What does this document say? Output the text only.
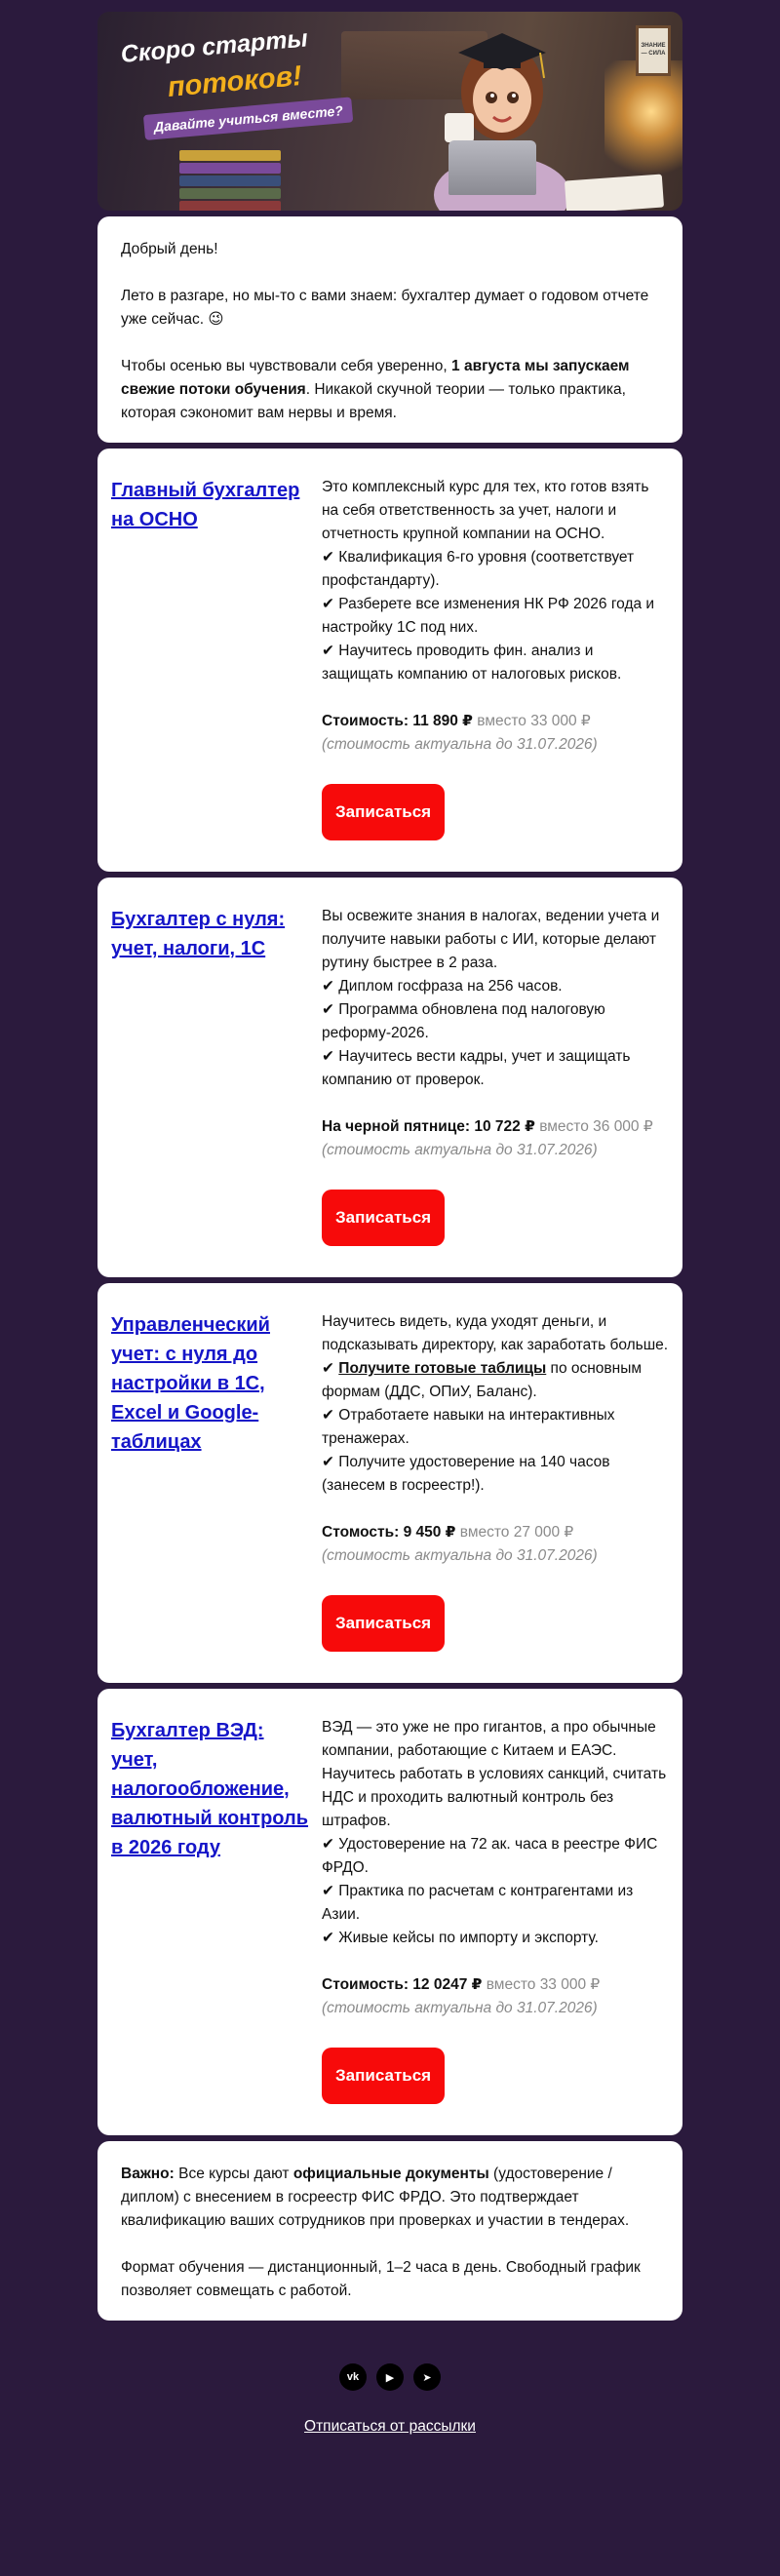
ЗНАНИЕ — СИЛА
Скоро старты
потоков!
Давайте учиться вместе?

Добрый день!

Лето в разгаре, но мы-то с вами знаем: бухгалтер думает о годовом отчете уже сейчас. 😉

Чтобы осенью вы чувствовали себя уверенно, 1 августа мы запускаем свежие потоки обучения. Никакой скучной теории — только практика, которая сэкономит вам нервы и время.

Главный бухгалтер на ОСНО
Это комплексный курс для тех, кто готов взять на себя ответственность за учет, налоги и отчетность крупной компании на ОСНО.
✔ Квалификация 6-го уровня (соответствует профстандарту).
✔ Разберете все изменения НК РФ 2026 года и настройку 1С под них.
✔ Научитесь проводить фин. анализ и защищать компанию от налоговых рисков.
Стоимость: 11 890 ₽ вместо 33 000 ₽
(стоимость актуальна до 31.07.2026)
Записаться
Бухгалтер с нуля: учет, налоги, 1С
Вы освежите знания в налогах, ведении учета и получите навыки работы с ИИ, которые делают рутину быстрее в 2 раза.
✔ Диплом госфраза на 256 часов.
✔ Программа обновлена под налоговую реформу-2026.
✔ Научитесь вести кадры, учет и защищать компанию от проверок.
На черной пятнице: 10 722 ₽ вместо 36 000 ₽
(стоимость актуальна до 31.07.2026)
Записаться
Управленческий учет: с нуля до настройки в 1С, Excel и Google-таблицах
Научитесь видеть, куда уходят деньги, и подсказывать директору, как заработать больше.
✔ Получите готовые таблицы по основным формам (ДДС, ОПиУ, Баланс).
✔ Отработаете навыки на интерактивных тренажерах.
✔ Получите удостоверение на 140 часов (занесем в госреестр!).
Стомость: 9 450 ₽ вместо 27 000 ₽
(стоимость актуальна до 31.07.2026)
Записаться
Бухгалтер ВЭД: учет, налогообложение, валютный контроль в 2026 году
ВЭД — это уже не про гигантов, а про обычные компании, работающие с Китаем и ЕАЭС. Научитесь работать в условиях санкций, считать НДС и проходить валютный контроль без штрафов.
✔ Удостоверение на 72 ак. часа в реестре ФИС ФРДО.
✔ Практика по расчетам с контрагентами из Азии.
✔ Живые кейсы по импорту и экспорту.
Стоимость: 12 0247 ₽ вместо 33 000 ₽
(стоимость актуальна до 31.07.2026)
Записаться

Важно: Все курсы дают официальные документы (удостоверение / диплом) с внесением в госреестр ФИС ФРДО. Это подтверждает квалификацию ваших сотрудников при проверках и участии в тендерах.

Формат обучения — дистанционный, 1–2 часа в день. Свободный график позволяет совмещать с работой.

vk	▶	➤
Отписаться от рассылки
